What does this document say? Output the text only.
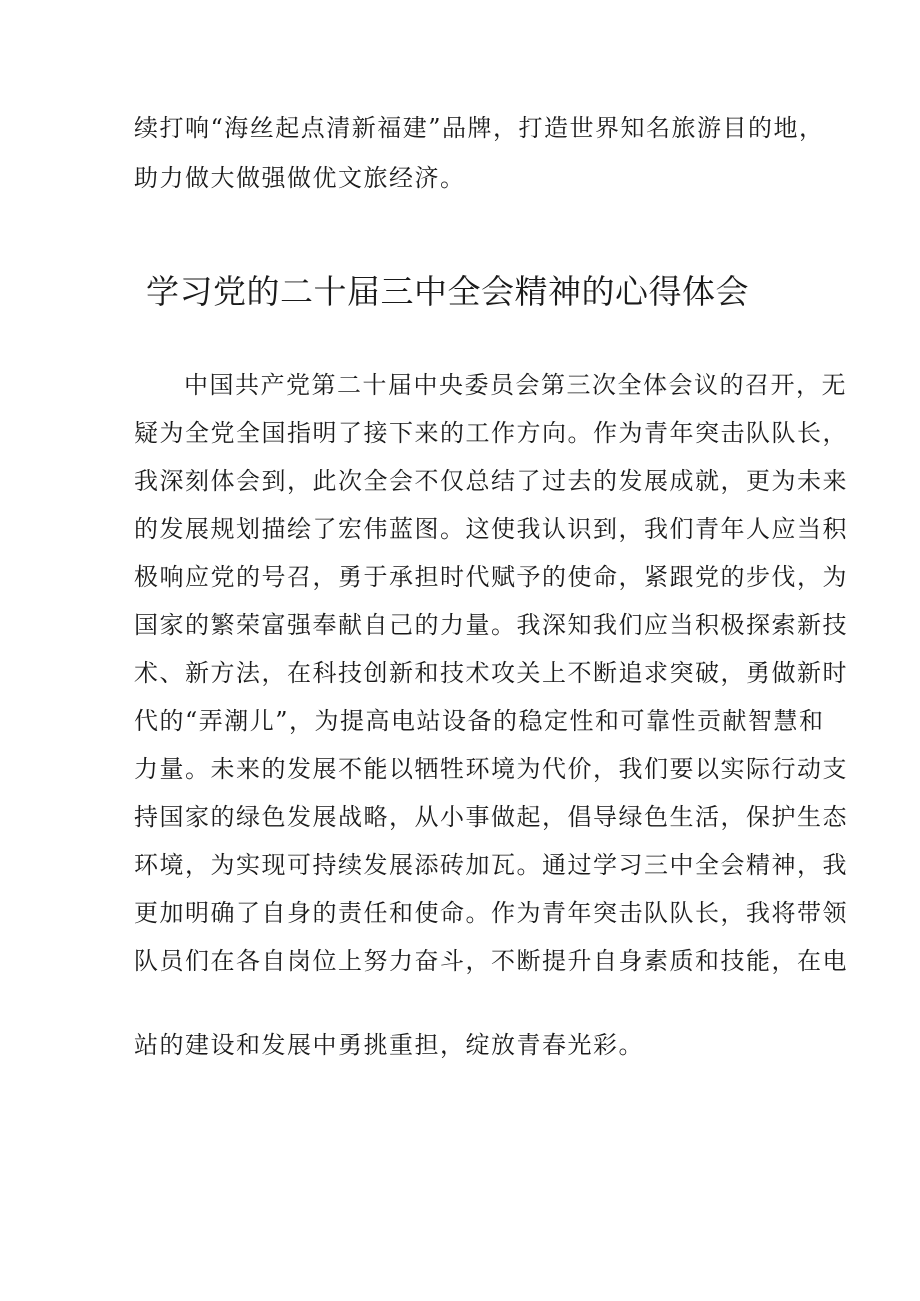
续打响“海丝起点清新福建”品牌，打造世界知名旅游目的地，
助力做大做强做优文旅经济。
学习党的二十届三中全会精神的心得体会
中国共产党第二十届中央委员会第三次全体会议的召开，无
疑为全党全国指明了接下来的工作方向。作为青年突击队队长，
我深刻体会到，此次全会不仅总结了过去的发展成就，更为未来
的发展规划描绘了宏伟蓝图。这使我认识到，我们青年人应当积
极响应党的号召，勇于承担时代赋予的使命，紧跟党的步伐，为
国家的繁荣富强奉献自己的力量。我深知我们应当积极探索新技
术、新方法，在科技创新和技术攻关上不断追求突破，勇做新时
代的“弄潮儿”，为提高电站设备的稳定性和可靠性贡献智慧和
力量。未来的发展不能以牺牲环境为代价，我们要以实际行动支
持国家的绿色发展战略，从小事做起，倡导绿色生活，保护生态
环境，为实现可持续发展添砖加瓦。通过学习三中全会精神，我
更加明确了自身的责任和使命。作为青年突击队队长，我将带领
队员们在各自岗位上努力奋斗，不断提升自身素质和技能，在电
站的建设和发展中勇挑重担，绽放青春光彩。
